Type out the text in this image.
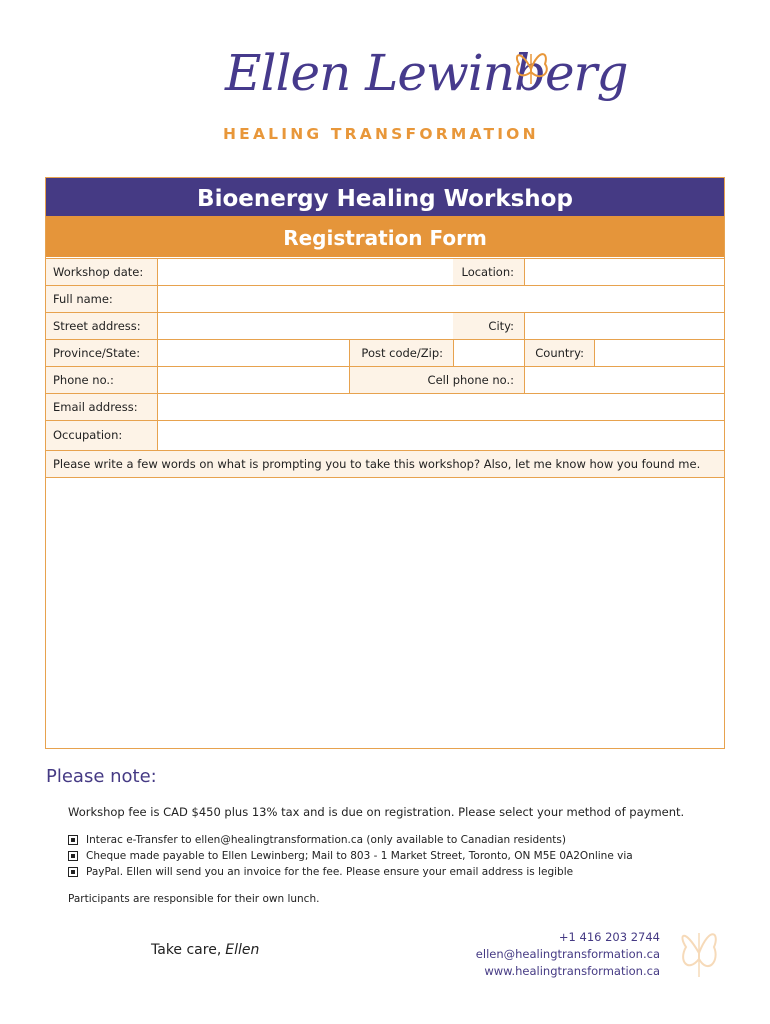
Ellen Lewinberg
HEALING TRANSFORMATION
Bioenergy Healing Workshop
Registration Form
Workshop date:	Location:
Full name:
Street address:	City:
Province/State:	Post code/Zip:	Country:
Phone no.:	Cell phone no.:
Email address:
Occupation:
Please write a few words on what is prompting you to take this workshop? Also, let me know how you found me.
Please note:
Workshop fee is CAD $450 plus 13% tax and is due on registration. Please select your method of payment.
Interac e-Transfer to ellen@healingtransformation.ca (only available to Canadian residents)
Cheque made payable to Ellen Lewinberg; Mail to 803 - 1 Market Street, Toronto, ON M5E 0A2Online via
PayPal. Ellen will send you an invoice for the fee. Please ensure your email address is legible
Participants are responsible for their own lunch.
Take care, Ellen
+1 416 203 2744
ellen@healingtransformation.ca
www.healingtransformation.ca
